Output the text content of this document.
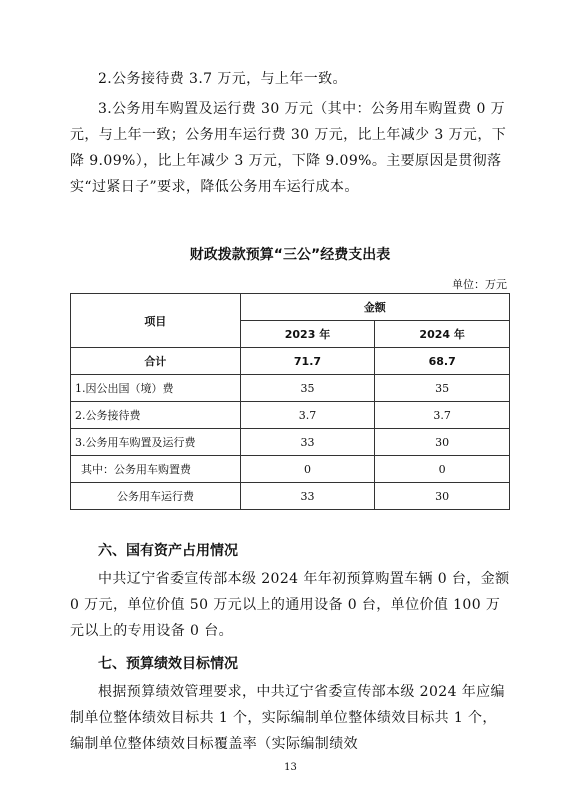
2.公务接待费 3.7 万元，与上年一致。

3.公务用车购置及运行费 30 万元（其中：公务用车购置费 0 万元，与上年一致；公务用车运行费 30 万元，比上年减少 3 万元，下降 9.09%），比上年减少 3 万元，下降 9.09%。主要原因是贯彻落实“过紧日子”要求，降低公务用车运行成本。

财政拨款预算“三公”经费支出表
单位：万元
项目	金额	
	2023 年	2024 年
合计	71.7	68.7
1.因公出国（境）费	35	35
2.公务接待费	3.7	3.7
3.公务用车购置及运行费	33	30
其中：公务用车购置费	0	0
公务用车运行费	33	30
六、国有资产占用情况

中共辽宁省委宣传部本级 2024 年年初预算购置车辆 0 台，金额 0 万元，单位价值 50 万元以上的通用设备 0 台，单位价值 100 万元以上的专用设备 0 台。

七、预算绩效目标情况

根据预算绩效管理要求，中共辽宁省委宣传部本级 2024 年应编制单位整体绩效目标共 1 个，实际编制单位整体绩效目标共 1 个，编制单位整体绩效目标覆盖率（实际编制绩效

13
